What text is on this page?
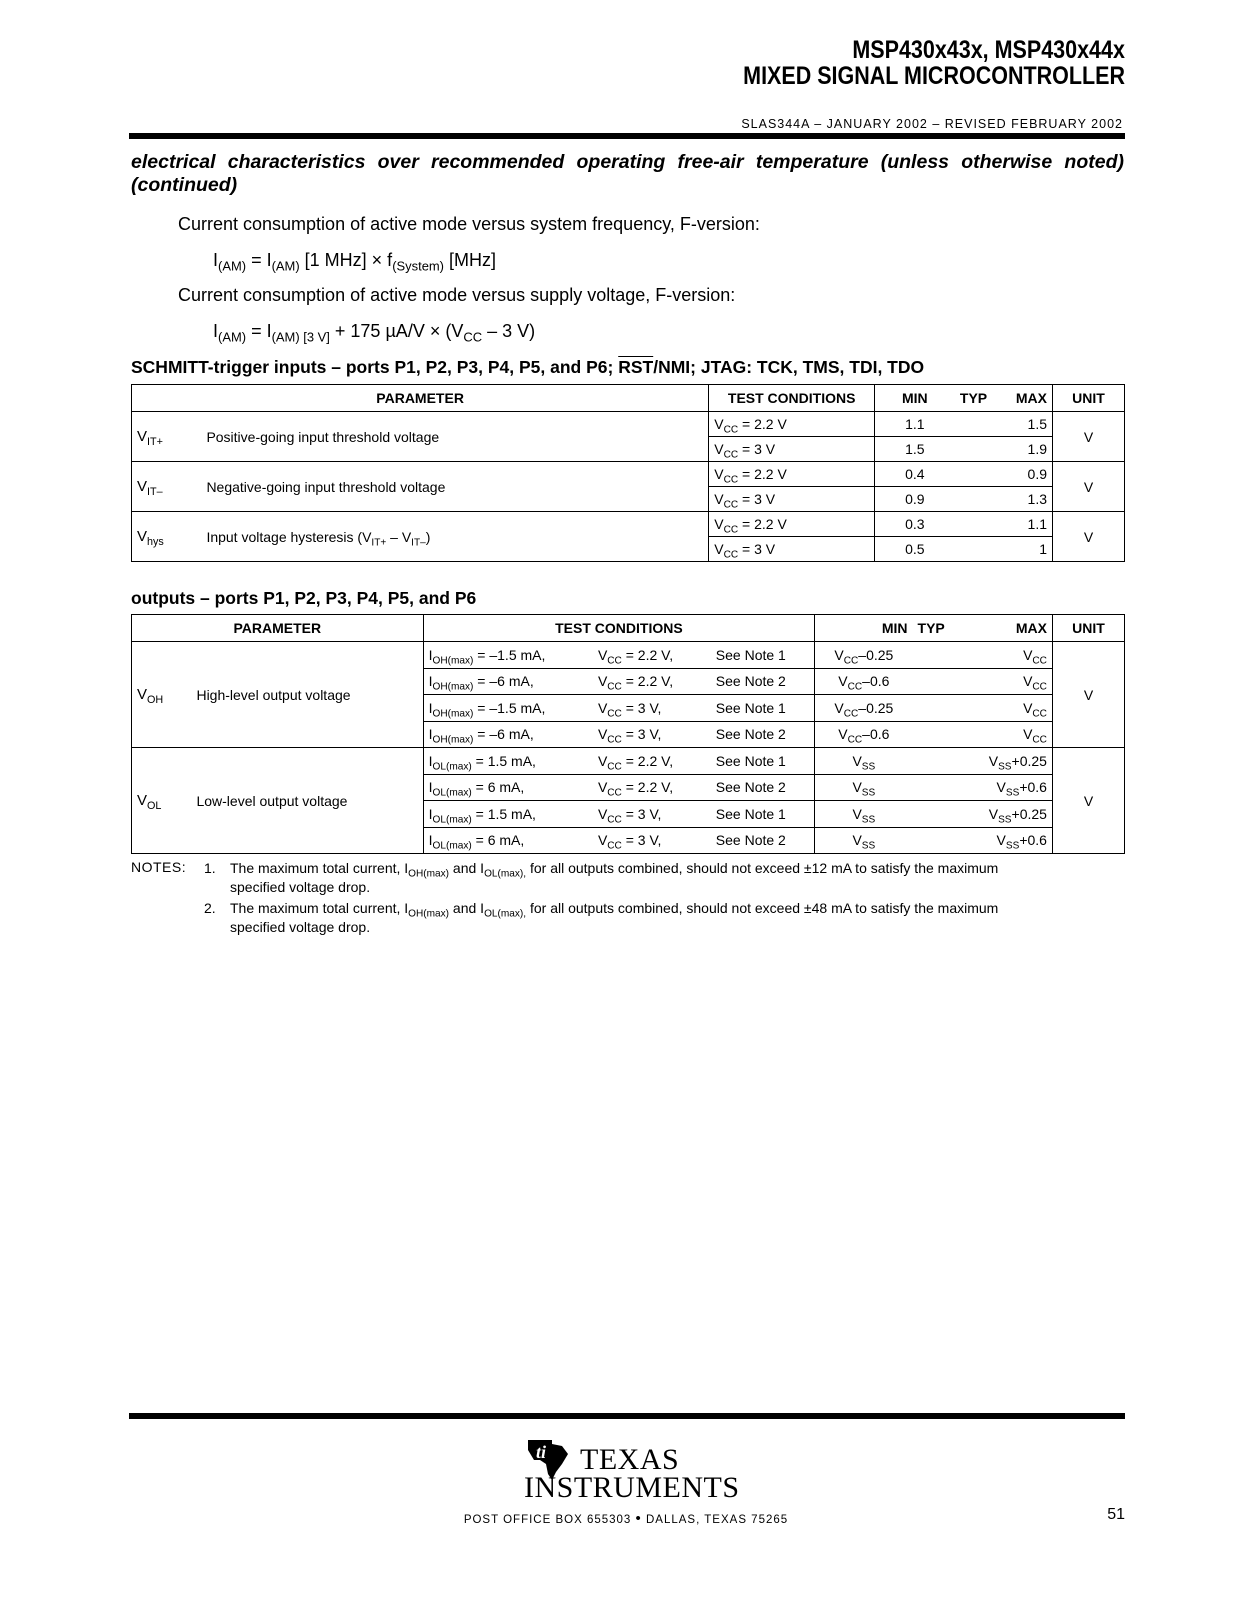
MSP430x43x, MSP430x44x
MIXED SIGNAL MICROCONTROLLER
SLAS344A – JANUARY 2002 – REVISED FEBRUARY 2002
electrical characteristics over recommended operating free-air temperature (unless otherwise noted) (continued)
Current consumption of active mode versus system frequency, F-version:
$I_{(AM)} = I_{(AM)}$ [1 $MHz] \times f_{(System)}$ [MHz]
Current consumption of active mode versus supply voltage, F-version:
$I_{(AM)} = I_{(AM) [3 V]} + 175$ $\mu A/V \times (V_{CC} - 3$ V)
SCHMITT-trigger inputs – ports P1, P2, P3, P4, P5, and P6; $\overline{RST}$/NMI; JTAG: TCK, TMS, TDI, TDO
PARAMETER		TEST CONDITIONS	MIN	TYP	MAX	UNIT
$V_{IT+}$	Positive-going input threshold voltage	$V_{CC} = 2.2$ V	1.1		1.5	V
		$V_{CC} = 3$ V	1.5		1.9	
$V_{IT-}$	Negative-going input threshold voltage	$V_{CC} = 2.2$ V	0.4		0.9	V
		$V_{CC} = 3$ V	0.9		1.3	
$V_{hys}$	Input voltage hysteresis $(V_{IT+} - V_{IT-})$	$V_{CC} = 2.2$ V	0.3		1.1	V
		$V_{CC} = 3$ V	0.5		1	
outputs – ports P1, P2, P3, P4, P5, and P6
PARAMETER		TEST CONDITIONS			MIN	TYP	MAX	UNIT
$V_{OH}$	High-level output voltage	$I_{OH(max)} = -1.5$ mA,	$V_{CC} = 2.2$ V,	See Note 1	$V_{CC}-0.25$		$V_{CC}$	V
		$I_{OH(max)} = -6$ mA,	$V_{CC} = 2.2$ V,	See Note 2	$V_{CC}-0.6$		$V_{CC}$
		$I_{OH(max)} = -1.5$ mA,	$V_{CC} = 3$ V,	See Note 1	$V_{CC}-0.25$		$V_{CC}$
		$I_{OH(max)} = -6$ mA,	$V_{CC} = 3$ V,	See Note 2	$V_{CC}-0.6$		$V_{CC}$
$V_{OL}$	Low-level output voltage	$I_{OL(max)} = 1.5$ mA,	$V_{CC} = 2.2$ V,	See Note 1	$V_{SS}$		$V_{SS}+0.25$	V
		$I_{OL(max)} = 6$ mA,	$V_{CC} = 2.2$ V,	See Note 2	$V_{SS}$		$V_{SS}+0.6$	
		$I_{OL(max)} = 1.5$ mA,	$V_{CC} = 3$ V,	See Note 1	$V_{SS}$		$V_{SS}+0.25$	
		$I_{OL(max)} = 6$ mA,	$V_{CC} = 3$ V,	See Note 2	$V_{SS}$		$V_{SS}+0.6$	
NOTES: 1. The maximum total current, $I_{OH(max)}$ and $I_{OL(max),}$ for all outputs combined, should not exceed ±12 mA to satisfy the maximum
specified voltage drop.
2. The maximum total current, $I_{OH(max)}$ and $I_{OL(max),}$ for all outputs combined, should not exceed ±48 mA to satisfy the maximum
specified voltage drop.
ti TEXAS
INSTRUMENTS
POST OFFICE BOX 655303 • DALLAS, TEXAS 75265	51
